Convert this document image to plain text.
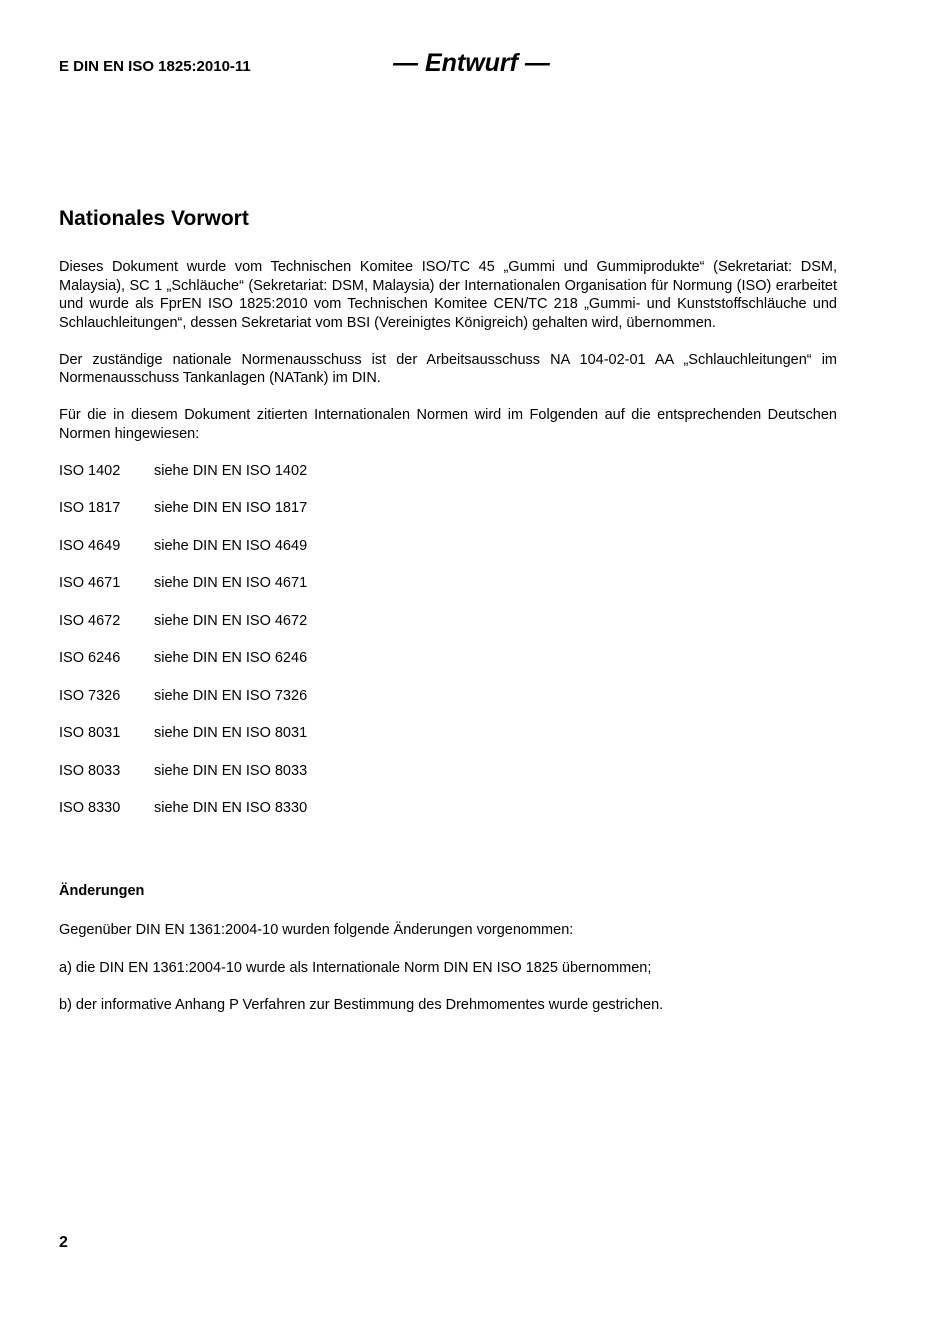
E DIN EN ISO 1825:2010-11	— Entwurf —
Nationales Vorwort

Dieses Dokument wurde vom Technischen Komitee ISO/TC 45 „Gummi und Gummiprodukte“ (Sekretariat: DSM, Malaysia), SC 1 „Schläuche“ (Sekretariat: DSM, Malaysia) der Internationalen Organisation für Normung (ISO) erarbeitet und wurde als FprEN ISO 1825:2010 vom Technischen Komitee CEN/TC 218 „Gummi- und Kunststoffschläuche und Schlauchleitungen“, dessen Sekretariat vom BSI (Vereinigtes Königreich) gehalten wird, übernommen.

Der zuständige nationale Normenausschuss ist der Arbeitsausschuss NA 104-02-01 AA „Schlauchleitungen“ im Normenausschuss Tankanlagen (NATank) im DIN.

Für die in diesem Dokument zitierten Internationalen Normen wird im Folgenden auf die entsprechenden Deutschen Normen hingewiesen:

ISO 1402	siehe DIN EN ISO 1402
ISO 1817	siehe DIN EN ISO 1817
ISO 4649	siehe DIN EN ISO 4649
ISO 4671	siehe DIN EN ISO 4671
ISO 4672	siehe DIN EN ISO 4672
ISO 6246	siehe DIN EN ISO 6246
ISO 7326	siehe DIN EN ISO 7326
ISO 8031	siehe DIN EN ISO 8031
ISO 8033	siehe DIN EN ISO 8033
ISO 8330	siehe DIN EN ISO 8330
Änderungen

Gegenüber DIN EN 1361:2004-10 wurden folgende Änderungen vorgenommen:

a) die DIN EN 1361:2004-10 wurde als Internationale Norm DIN EN ISO 1825 übernommen;

b) der informative Anhang P Verfahren zur Bestimmung des Drehmomentes wurde gestrichen.

2
